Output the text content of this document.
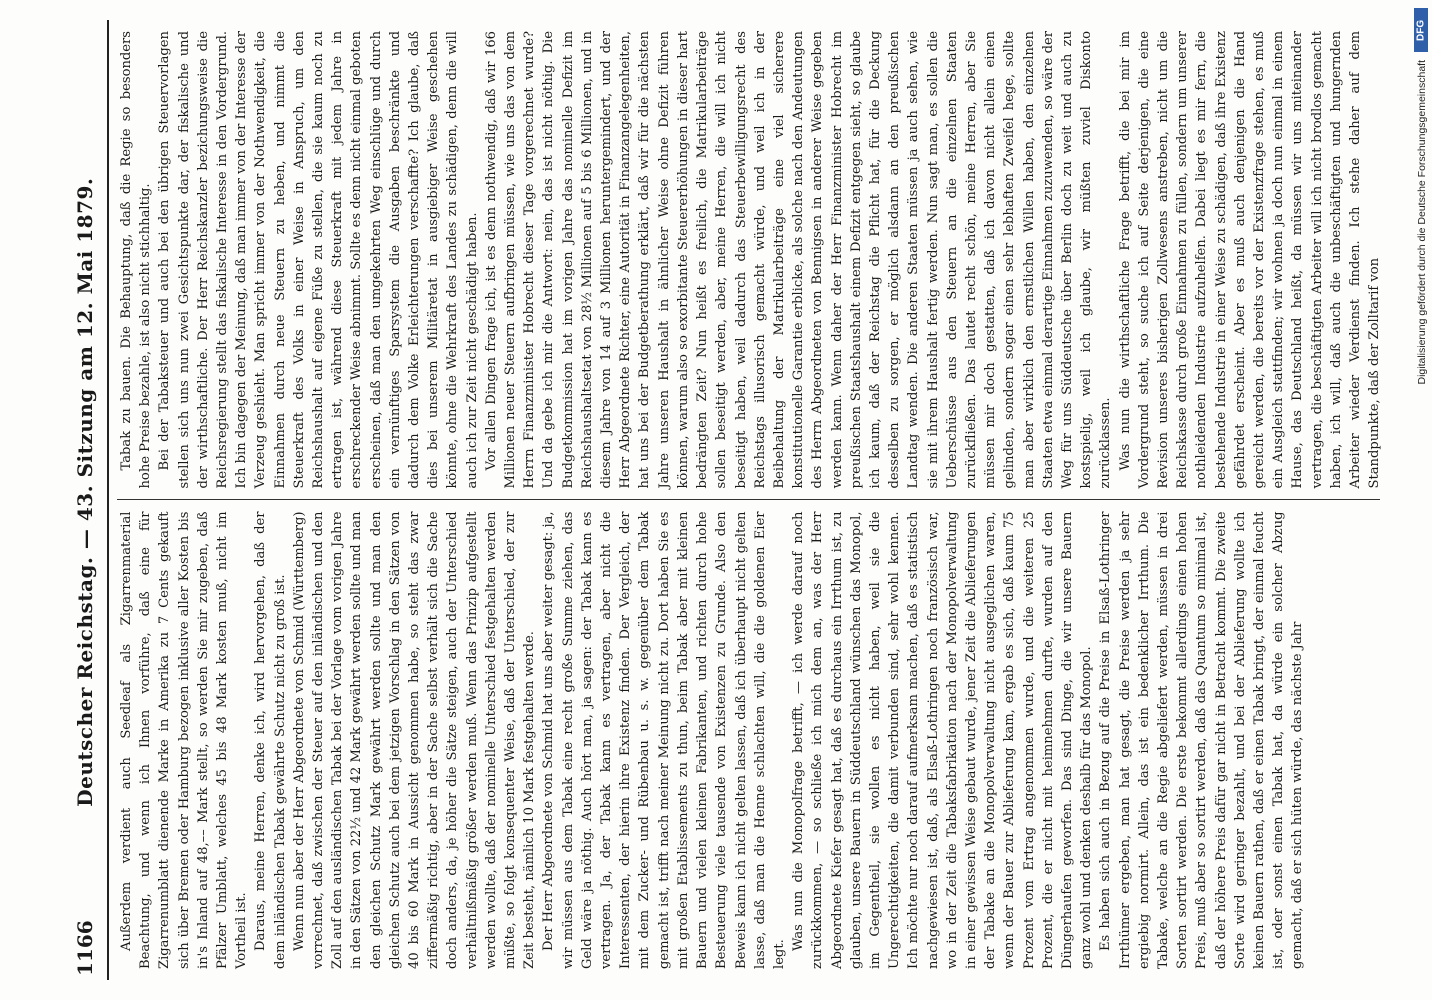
1166
Deutscher Reichstag. — 43. Sitzung am 12. Mai 1879. Außerdem verdient auch Seedleaf als Zigarrenmaterial Beachtung, und wenn ich Ihnen vorführe, daß eine für Zigarrenumblatt dienende Marke in Amerika zu 7 Cents gekauft sich über Bremen oder Hamburg bezogen inklusive aller Kosten bis in's Inland auf 48,–– Mark stellt, so werden Sie mir zugeben, daß Pfälzer Umblatt, welches 45 bis 48 Mark kosten muß, nicht im Vortheil ist. Daraus, meine Herren, denke ich, wird hervorgehen, daß der dem inländischen Tabak gewährte Schutz nicht zu groß ist. Wenn nun aber der Herr Abgeordnete von Schmid (Württemberg) vorrechnet, daß zwischen der Steuer auf den inländischen und den Zoll auf den ausländischen Tabak bei der Vorlage vom vorigen Jahre in den Sätzen von 22½ und 42 Mark gewährt werden sollte und man den gleichen Schutz Mark gewährt werden sollte und man den gleichen Schutz auch bei dem jetzigen Vorschlag in den Sätzen von 40 bis 60 Mark in Aussicht genommen habe, so steht das zwar ziffermäßig richtig, aber in der Sache selbst verhält sich die Sache doch anders, da, je höher die Sätze steigen, auch der Unterschied verhältnißmäßig größer werden muß. Wenn das Prinzip aufgestellt werden wollte, daß der nominelle Unterschied festgehalten werden müßte, so folgt konsequenter Weise, daß der Unterschied, der zur Zeit besteht, nämlich 10 Mark festgehalten werde. Der Herr Abgeordnete von Schmid hat uns aber weiter gesagt: ja, wir müssen aus dem Tabak eine recht große Summe ziehen, das Geld wäre ja nöthig. Auch hört man, ja sagen: der Tabak kann es vertragen. Ja, der Tabak kann es vertragen, aber nicht die Interessenten, der hierin ihre Existenz finden. Der Vergleich, der mit dem Zucker- und Rübenbau u. s. w. gegenüber dem Tabak gemacht ist, trifft nach meiner Meinung nicht zu. Dort haben Sie es mit großen Etablissements zu thun, beim Tabak aber mit kleinen Bauern und vielen kleinen Fabrikanten, und richten durch hohe Besteuerung viele tausende von Existenzen zu Grunde. Also den Beweis kann ich nicht gelten lassen, daß ich überhaupt nicht gelten lasse, daß man die Henne schlachten will, die die goldenen Eier legt.

Was nun die Monopolfrage betrifft, — ich werde darauf noch zurückkommen, — so schließe ich mich dem an, was der Herr Abgeordnete Kiefer gesagt hat, daß es durchaus ein Irrthum ist, zu glauben, unsere Bauern in Süddeutschland wünschen das Monopol, im Gegentheil, sie wollen es nicht haben, weil sie die Ungerechtigkeiten, die damit verbunden sind, sehr wohl kennen. Ich möchte nur noch darauf aufmerksam machen, daß es statistisch nachgewiesen ist, daß, als Elsaß-Lothringen noch französisch war, wo in der Zeit die Tabaksfabrikation nach der Monopolverwaltung in einer gewissen Weise gebaut wurde, jener Zeit die Ablieferungen der Tabake an die Monopolverwaltung nicht ausgeglichen waren, wenn der Bauer zur Ablieferung kam, ergab es sich, daß kaum 75 Prozent vom Ertrag angenommen wurde, und die weiteren 25 Prozent, die er nicht mit heimnehmen durfte, wurden auf den Düngerhaufen geworfen. Das sind Dinge, die wir unsere Bauern ganz wohl und denken deshalb für das Monopol. Es haben sich auch in Bezug auf die Preise in Elsaß-Lothringer Irrthümer ergeben, man hat gesagt, die Preise werden ja sehr ergiebig normirt. Allein, das ist ein bedenklicher Irrthum. Die Tabake, welche an die Regie abgeliefert werden, müssen in drei Sorten sortirt werden. Die erste bekommt allerdings einen hohen Preis, muß aber so sortirt werden, daß das Quantum so minimal ist, daß der höhere Preis dafür gar nicht in Betracht kommt. Die zweite Sorte wird geringer bezahlt, und bei der Ablieferung wollte ich keinen Bauern rathen, daß er einen Tabak bringt, der einmal feucht ist, oder sonst einen Tabak hat, da würde ein solcher Abzug gemacht, daß er sich hüten würde, das nächste Jahr

Tabak zu bauen. Die Behauptung, daß die Regie so besonders hohe Preise bezahle, ist also nicht stichhaltig. Bei der Tabaksteuer und auch bei den übrigen Steuervorlagen stellen sich uns nun zwei Gesichtspunkte dar, der fiskalische und der wirthschaftliche. Der Herr Reichskanzler bezichungsweise die Reichsregierung stellt das fiskalische Interesse in den Vordergrund. Ich bin dagegen der Meinung, daß man immer von der Interesse der Verzeug geshieht. Man spricht immer von der Nothwendigkeit, die Einnahmen durch neue Steuern zu heben, und nimmt die Steuerkraft des Volks in einer Weise in Anspruch, um den Reichshaushalt auf eigene Füße zu stellen, die sie kaum noch zu ertragen ist, während diese Steuerkraft mit jedem Jahre in erschreckender Weise abnimmt. Sollte es denn nicht einmal geboten erscheinen, daß man den umgekehrten Weg einschlüge und durch ein vernünftiges Sparsystem die Ausgaben beschränkte und dadurch dem Volke Erleichterungen verschaffte? Ich glaube, daß dies bei unserem Militäretat in ausgiebiger Weise geschehen könnte, ohne die Wehrkraft des Landes zu schädigen, denn die will auch ich zur Zeit nicht geschädigt haben. Vor allen Dingen frage ich, ist es denn nothwendig, daß wir 166 Millionen neuer Steuern aufbringen müssen, wie uns das von dem Herrn Finanzminister Hobrecht dieser Tage vorgerechnet wurde? Und da gebe ich mir die Antwort: nein, das ist nicht nöthig. Die Budgetkommission hat im vorigen Jahre das nominelle Defizit im Reichshaushaltsetat von 28½ Millionen auf 5 bis 6 Millionen, und in diesem Jahre von 14 auf 3 Millionen heruntergemindert, und der Herr Abgeordnete Richter, eine Autorität in Finanzangelegenheiten, hat uns bei der Budgetberathung erklärt, daß wir für die nächsten Jahre unseren Haushalt in ähnlicher Weise ohne Defizit führen können, warum also so exorbitante Steuererhöhungen in dieser hart bedrängten Zeit? Nun heißt es freilich, die Matrikularbeiträge sollen beseitigt werden, aber, meine Herren, die will ich nicht beseitigt haben, weil dadurch das Steuerbewilligungsrecht des Reichstags illusorisch gemacht würde, und weil ich in der Beibehaltung der Matrikularbeiträge eine viel sicherere konstitutionelle Garantie erblicke, als solche nach den Andeutungen des Herrn Abgeordneten von Bennigsen in anderer Weise gegeben werden kann. Wenn daher der Herr Finanzminister Hobrecht im preußischen Staatshaushalt einem Defizit entgegen sieht, so glaube ich kaum, daß der Reichstag die Pflicht hat, für die Deckung desselben zu sorgen, er möglich alsdann an den preußischen Landtag wenden. Die anderen Staaten müssen ja auch sehen, wie sie mit ihrem Haushalt fertig werden. Nun sagt man, es sollen die Ueberschüsse aus den Steuern an die einzelnen Staaten zurückfließen. Das lautet recht schön, meine Herren, aber Sie müssen mir doch gestatten, daß ich davon nicht allein einen gelinden, sondern sogar einen sehr lebhaften Zweifel hege, sollte man aber wirklich den ernstlichen Willen haben, den einzelnen Staaten etwa einmal derartige Einnahmen zuzuwenden, so wäre der Weg für uns Süddeutsche über Berlin doch zu weit und auch zu kostspielig, weil ich glaube, wir müßten zuviel Diskonto zurücklassen. Was nun die wirthschaftliche Frage betrifft, die bei mir im Vordergrund steht, so suche ich auf Seite derjenigen, die eine Revision unseres bisherigen Zollwesens anstreben, nicht um die Reichskasse durch große Einnahmen zu füllen, sondern um unserer nothleidenden Industrie aufzuhelfen. Dabei liegt es mir fern, die bestehende Industrie in einer Weise zu schädigen, daß ihre Existenz gefährdet erscheint. Aber es muß auch denjenigen die Hand gereicht werden, die bereits vor der Existenzfrage stehen, es muß ein Ausgleich stattfinden; wir wohnen ja doch nun einmal in einem Hause, das Deutschland heißt, da müssen wir uns miteinander vertragen, die beschäftigten Arbeiter will ich nicht brodlos gemacht haben, ich will, daß auch die unbeschäftigten und hungernden Arbeiter wieder Verdienst finden. Ich stehe daher auf dem Standpunkte, daß der Zolltarif von

DFG
Digitalisierung gefördert durch die Deutsche Forschungsgemeinschaft
